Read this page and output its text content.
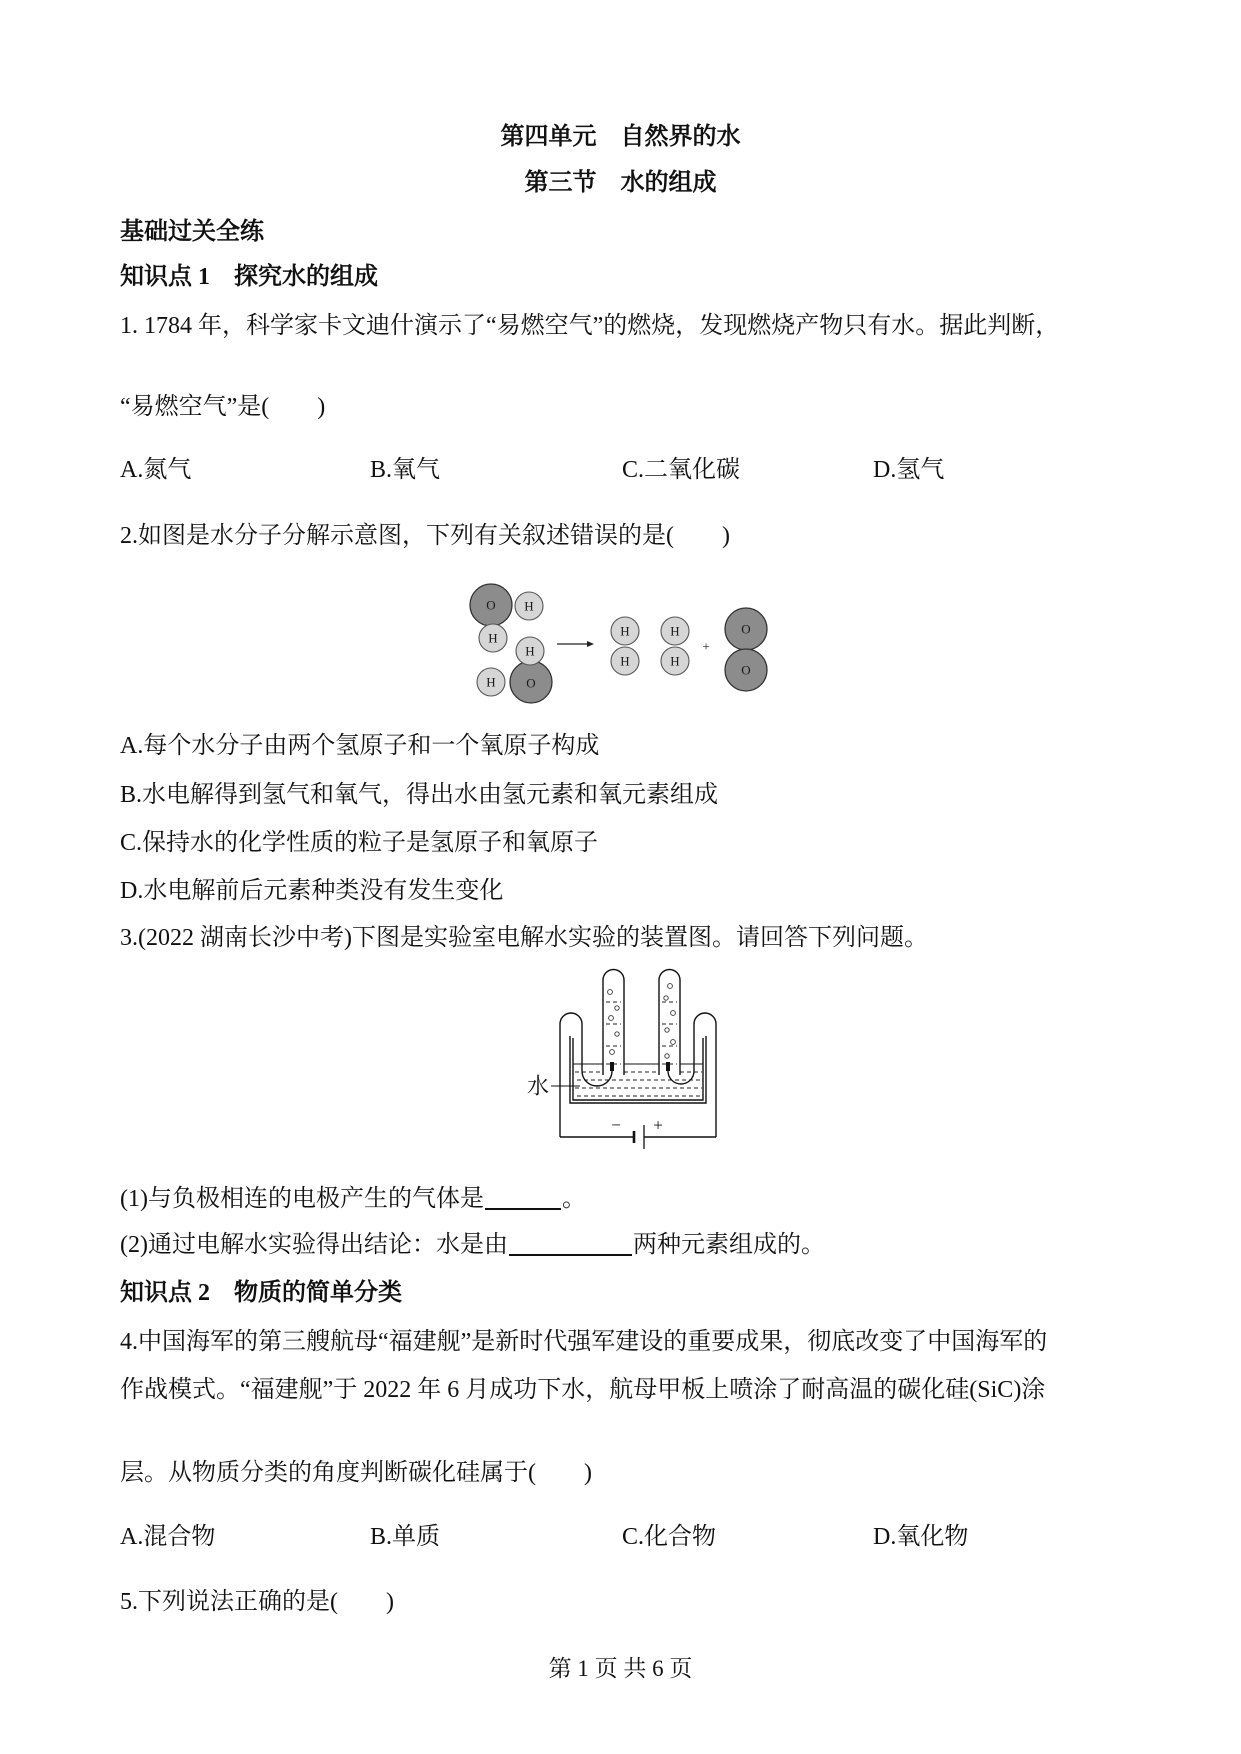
第四单元　自然界的水
第三节　水的组成
基础过关全练
知识点 1　探究水的组成
1. 1784 年，科学家卡文迪什演示了“易燃空气”的燃烧，发现燃烧产物只有水。据此判断，
“易燃空气”是(　　)
A.氮气	B.氧气	C.二氧化碳	D.氢气
2.如图是水分子分解示意图，下列有关叙述错误的是(　　)
O
O
H
H
H
H
H
H
H
H
+
O
O
A.每个水分子由两个氢原子和一个氧原子构成
B.水电解得到氢气和氧气，得出水由氢元素和氧元素组成
C.保持水的化学性质的粒子是氢原子和氧原子
D.水电解前后元素种类没有发生变化
3.(2022 湖南长沙中考)下图是实验室电解水实验的装置图。请回答下列问题。
− +
水
(1)与负极相连的电极产生的气体是	。
(2)通过电解水实验得出结论：水是由	两种元素组成的。
知识点 2　物质的简单分类
4.中国海军的第三艘航母“福建舰”是新时代强军建设的重要成果，彻底改变了中国海军的
作战模式。“福建舰”于 2022 年 6 月成功下水，航母甲板上喷涂了耐高温的碳化硅(SiC)涂
层。从物质分类的角度判断碳化硅属于(　　)
A.混合物	B.单质	C.化合物	D.氧化物
5.下列说法正确的是(　　)
第 1 页 共 6 页
